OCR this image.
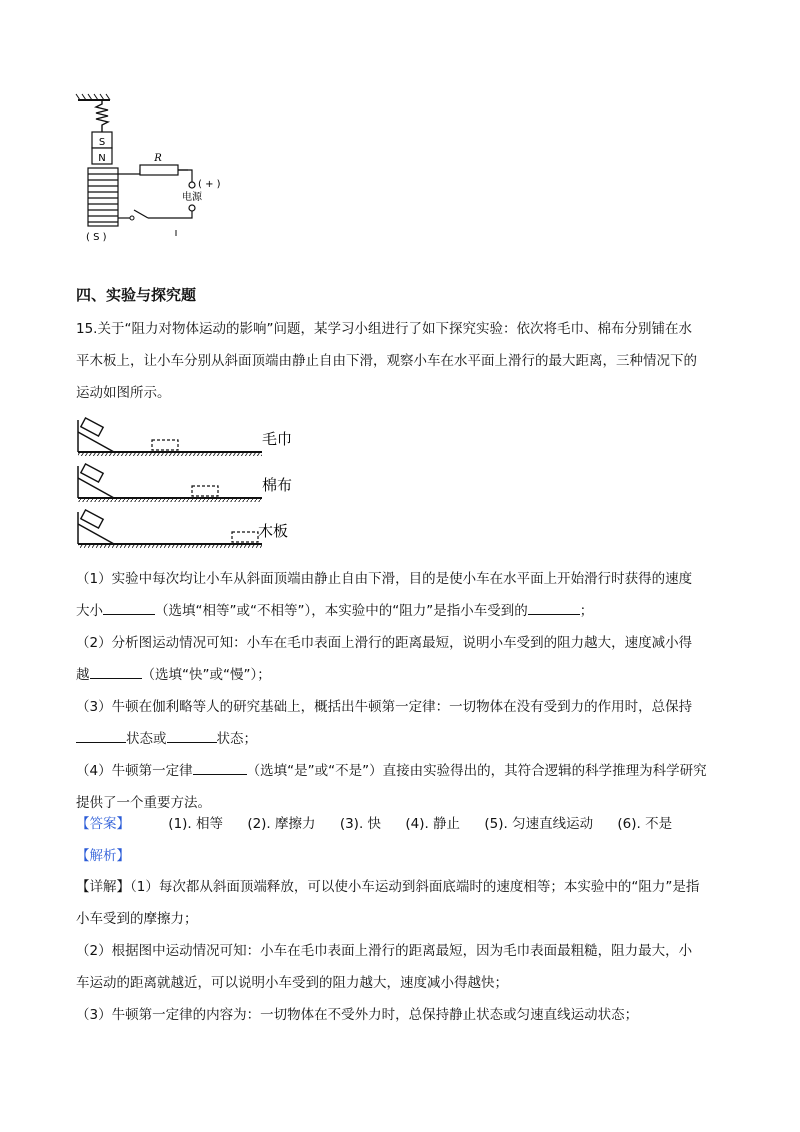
S
N	R
( + )
电源
( S )
四、实验与探究题

15.关于“阻力对物体运动的影响”问题，某学习小组进行了如下探究实验：依次将毛巾、棉布分别铺在水

平木板上，让小车分别从斜面顶端由静止自由下滑，观察小车在水平面上滑行的最大距离，三种情况下的

运动如图所示。

毛巾
棉布
木板

（1）实验中每次均让小车从斜面顶端由静止自由下滑，目的是使小车在水平面上开始滑行时获得的速度

大小	（选填“相等”或“不相等”），本实验中的“阻力”是指小车受到的	；

（2）分析图运动情况可知：小车在毛巾表面上滑行的距离最短，说明小车受到的阻力越大，速度减小得

越	（选填“快”或“慢”）；

（3）牛顿在伽利略等人的研究基础上，概括出牛顿第一定律：一切物体在没有受到力的作用时，总保持

状态或	状态；

（4）牛顿第一定律	（选填“是”或“不是”）直接由实验得出的，其符合逻辑的科学推理为科学研究

提供了一个重要方法。

【答案】	(1). 相等 (2). 摩擦力 (3). 快 (4). 静止 (5). 匀速直线运动 (6). 不是
【解析】

【详解】（1）每次都从斜面顶端释放，可以使小车运动到斜面底端时的速度相等；本实验中的“阻力”是指

小车受到的摩擦力；

（2）根据图中运动情况可知：小车在毛巾表面上滑行的距离最短，因为毛巾表面最粗糙，阻力最大，小

车运动的距离就越近，可以说明小车受到的阻力越大，速度减小得越快；

（3）牛顿第一定律的内容为：一切物体在不受外力时，总保持静止状态或匀速直线运动状态；
